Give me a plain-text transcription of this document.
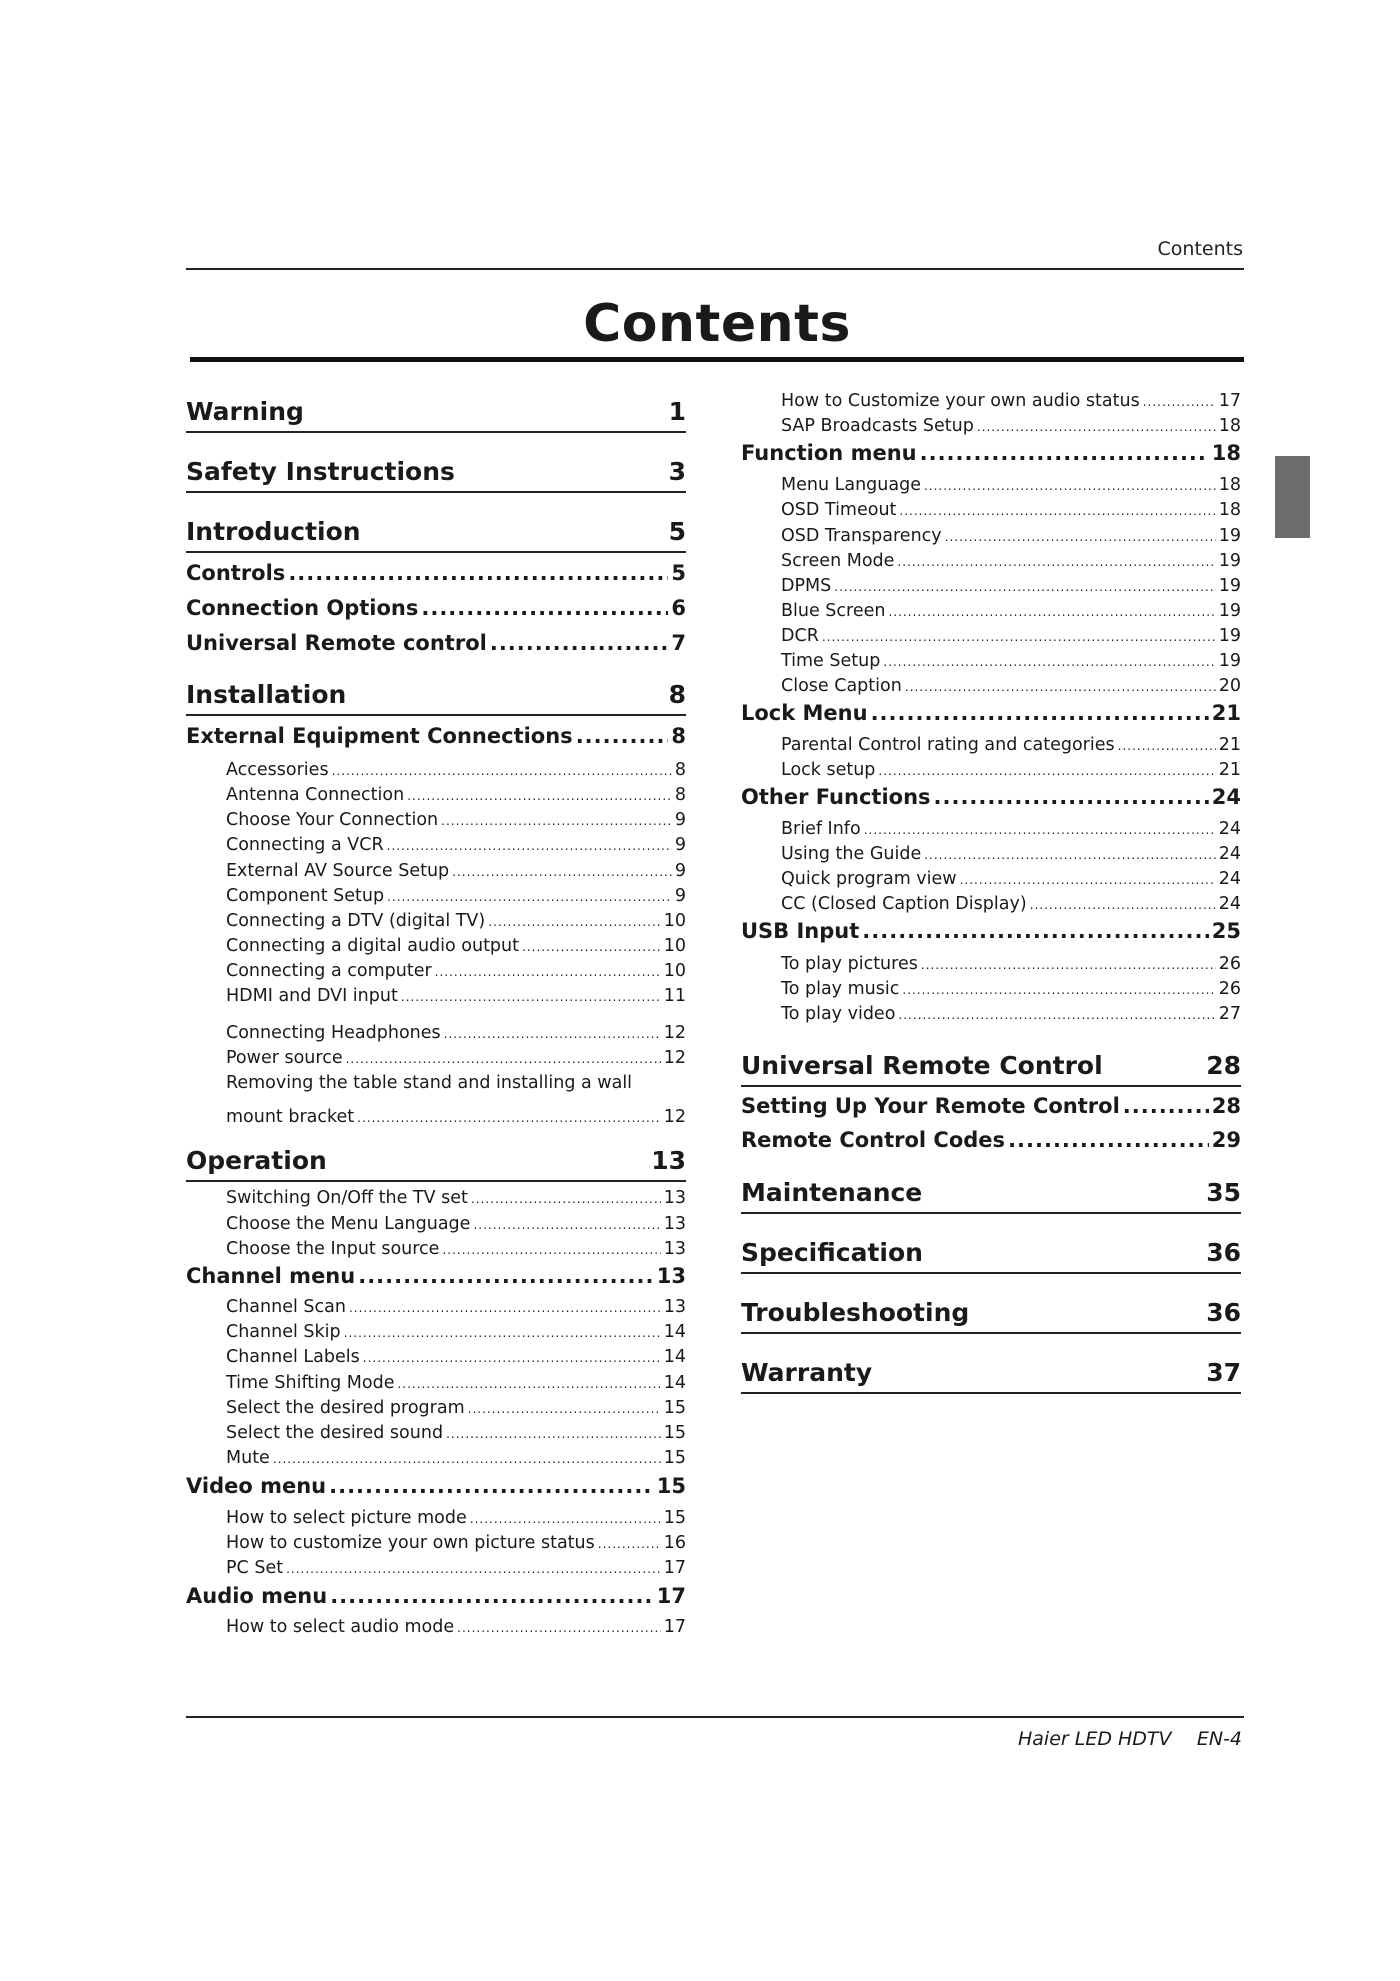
Contents
Contents
Warning	1
Safety Instructions	3
Introduction	5
Controls .....	5
Connection Options .....	6
Universal Remote control .....	7
Installation	8
External Equipment Connections .....	8
Accessories .....	8
Antenna Connection .....	8
Choose Your Connection .....	9
Connecting a VCR .....	9
External AV Source Setup .....	9
Component Setup .....	9
Connecting a DTV (digital TV) .....	10
Connecting a digital audio output .....	10
Connecting a computer .....	10
HDMI and DVI input .....	11
Connecting Headphones .....	12
Power source .....	12
Removing the table stand and installing a wall
mount bracket .....	12
Operation	13
Switching On/Off the TV set .....	13
Choose the Menu Language .....	13
Choose the Input source .....	13
Channel menu .....	13
Channel Scan .....	13
Channel Skip .....	14
Channel Labels .....	14
Time Shifting Mode .....	14
Select the desired program .....	15
Select the desired sound .....	15
Mute .....	15
Video menu .....	15
How to select picture mode .....	15
How to customize your own picture status .....	16
PC Set .....	17
Audio menu .....	17
How to select audio mode .....	17
How to Customize your own audio status .....	17
SAP Broadcasts Setup .....	18
Function menu .....	18
Menu Language .....	18
OSD Timeout .....	18
OSD Transparency .....	19
Screen Mode .....	19
DPMS .....	19
Blue Screen .....	19
DCR .....	19
Time Setup .....	19
Close Caption .....	20
Lock Menu .....	21
Parental Control rating and categories .....	21
Lock setup .....	21
Other Functions .....	24
Brief Info .....	24
Using the Guide .....	24
Quick program view .....	24
CC (Closed Caption Display) .....	24
USB Input .....	25
To play pictures .....	26
To play music .....	26
To play video .....	27
Universal Remote Control	28
Setting Up Your Remote Control .....	28
Remote Control Codes .....	29
Maintenance	35
Specification	36
Troubleshooting	36
Warranty	37
Haier LED HDTV EN-4
